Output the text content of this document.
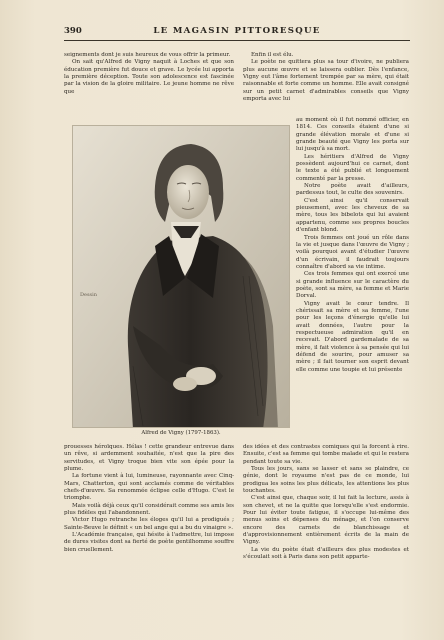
390	LE MAGASIN PITTORESQUE

seignements dont je suis heureux de vous offrir la primeur.

On sait qu'Alfred de Vigny naquit à Loches et que son éducation première fut douce et grave. Le lycée lui apporta la première déception. Toute son adolescence est fascinée par la vision de la gloire militaire. Le jeune homme ne rêve que

Dessin
Alfred de Vigny (1797-1863).

prouesses héroïques. Hélas ! cette grandeur entrevue dans un rêve, si ardemment souhaitée, n'est que la pire des servitudes, et Vigny troque bien vite son épée pour la plume.

La fortune vient à lui, lumineuse, rayonnante avec Cinq-Mars, Chatterton, qui sont acclamés comme de véritables chefs-d'œuvre. Sa renommée éclipse celle d'Hugo. C'est le triomphe.

Mais voilà déjà ceux qu'il considérait comme ses amis les plus fidèles qui l'abandonnent.

Victor Hugo retranche les éloges qu'il lui a prodigués ; Sainte-Beuve le définit « un bel ange qui a bu du vinaigre ».

L'Académie française, qui hésite à l'admettre, lui impose de dures visites dont sa fierté de poète gentilhomme souffre bien cruellement.

Enfin il est élu.

Le poète ne quittera plus sa tour d'ivoire, ne publiera plus aucune œuvre et se laissera oublier. Dès l'enfance, Vigny eut l'âme fortement trempée par sa mère, qui était raisonnable et forte comme un homme. Elle avait consigné sur un petit carnet d'admirables conseils que Vigny emporta avec lui

au moment où il fut nommé officier, en 1814. Ces conseils étaient d'une si grande élévation morale et d'une si grande beauté que Vigny les porta sur lui jusqu'à sa mort.

Les héritiers d'Alfred de Vigny possèdent aujourd'hui ce carnet, dont le texte a été publié et longuement commenté par la presse.

Notre poète avait d'ailleurs, pardessus tout, le culte des souvenirs.

C'est ainsi qu'il conservait pieusement, avec les cheveux de sa mère, tous les bibelots qui lui avaient appartenu, comme ses propres boucles d'enfant blond.

Trois femmes ont joué un rôle dans la vie et jusque dans l'œuvre de Vigny ; voilà pourquoi avant d'étudier l'œuvre d'un écrivain, il faudrait toujours connaître d'abord sa vie intime.

Ces trois femmes qui ont exercé une si grande influence sur le caractère du poète, sont sa mère, sa femme et Marie Dorval.

Vigny avait le cœur tendre. Il chérissait sa mère et sa femme, l'une pour les leçons d'énergie qu'elle lui avait données, l'autre pour la respectueuse admiration qu'il en recevait. D'abord gardemalade de sa mère, il fait violence à sa pensée qui lui défend de sourire, pour amuser sa mère ; il fait tourner son esprit devant elle comme une toupie et lui présente

des idées et des contrastes comiques qui la forcent à rire. Ensuite, c'est sa femme qui tombe malade et qui le restera pendant toute sa vie.

Tous les jours, sans se lasser et sans se plaindre, ce génie, dont le royaume n'est pas de ce monde, lui prodigua les soins les plus délicats, les attentions les plus touchantes.

C'est ainsi que, chaque soir, il lui fait la lecture, assis à son chevet, et ne la quitte que lorsqu'elle s'est endormie. Pour lui éviter toute fatigue, il s'occupe lui-même des menus soins et dépenses du ménage, et l'on conserve encore des carnets de blanchissage et d'approvisionnement entièrement écrits de la main de Vigny.

La vie du poète était d'ailleurs des plus modestes et s'écoulait soit à Paris dans son petit apparte-
